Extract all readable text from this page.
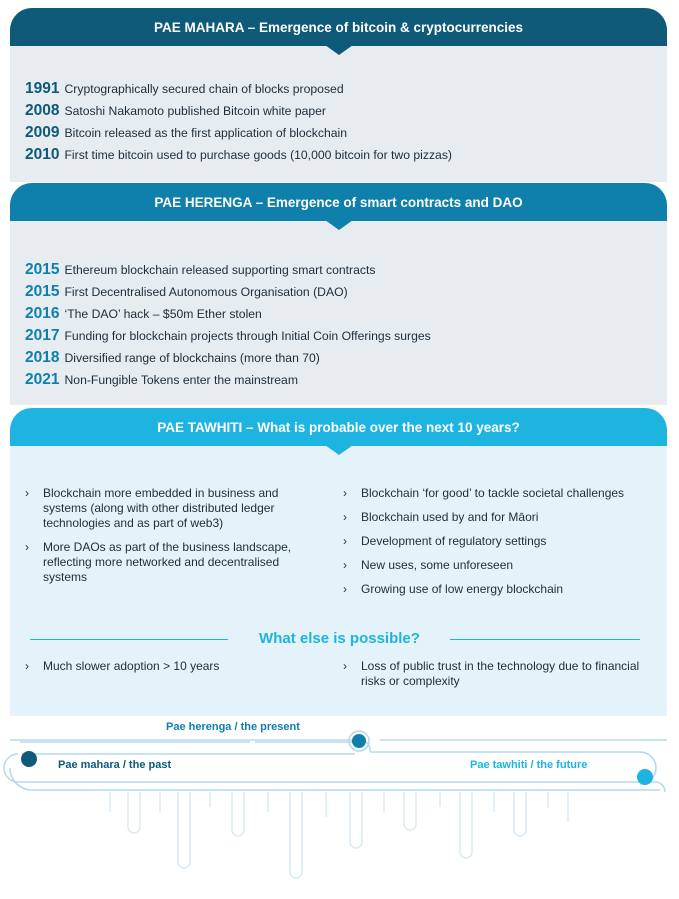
PAE MAHARA – Emergence of bitcoin & cryptocurrencies
1991 Cryptographically secured chain of blocks proposed
2008 Satoshi Nakamoto published Bitcoin white paper
2009 Bitcoin released as the first application of blockchain
2010 First time bitcoin used to purchase goods (10,000 bitcoin for two pizzas)
PAE HERENGA – Emergence of smart contracts and DAO
2015 Ethereum blockchain released supporting smart contracts
2015 First Decentralised Autonomous Organisation (DAO)
2016 ‘The DAO’ hack – $50m Ether stolen
2017 Funding for blockchain projects through Initial Coin Offerings surges
2018 Diversified range of blockchains (more than 70)
2021 Non-Fungible Tokens enter the mainstream
PAE TAWHITI – What is probable over the next 10 years?
› Blockchain more embedded in business and systems (along with other distributed ledger technologies and as part of web3)
› More DAOs as part of the business landscape, reflecting more networked and decentralised systems
› Blockchain ‘for good’ to tackle societal challenges
› Blockchain used by and for Māori
› Development of regulatory settings
› New uses, some unforeseen
› Growing use of low energy blockchain
What else is possible?
› Much slower adoption > 10 years	› Loss of public trust in the technology due to financial risks or complexity
Pae herenga / the present
Pae mahara / the past	Pae tawhiti / the future
